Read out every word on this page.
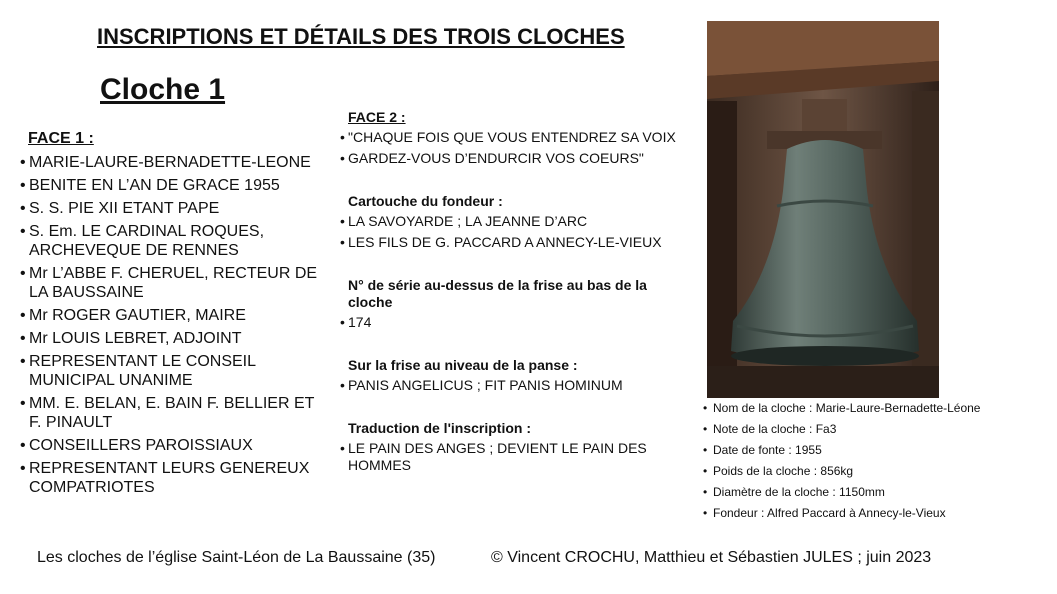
INSCRIPTIONS ET DÉTAILS DES TROIS CLOCHES
Cloche 1
FACE 1 :
• MARIE-LAURE-BERNADETTE-LEONE
• BENITE EN L’AN DE GRACE 1955
• S. S. PIE XII ETANT PAPE
• S. Em. LE CARDINAL ROQUES, ARCHEVEQUE DE RENNES
• Mr L’ABBE F. CHERUEL, RECTEUR DE LA BAUSSAINE
• Mr ROGER GAUTIER, MAIRE
• Mr LOUIS LEBRET, ADJOINT
• REPRESENTANT LE CONSEIL MUNICIPAL UNANIME
• MM. E. BELAN, E. BAIN F. BELLIER ET F. PINAULT
• CONSEILLERS PAROISSIAUX
• REPRESENTANT LEURS GENEREUX COMPATRIOTES
FACE 2 :
• "CHAQUE FOIS QUE VOUS ENTENDREZ SA VOIX
• GARDEZ-VOUS D’ENDURCIR VOS COEURS"
Cartouche du fondeur :
• LA SAVOYARDE ; LA JEANNE D’ARC
• LES FILS DE G. PACCARD A ANNECY-LE-VIEUX
N° de série au-dessus de la frise au bas de la cloche
• 174
Sur la frise au niveau de la panse :
• PANIS ANGELICUS ; FIT PANIS HOMINUM
Traduction de l'inscription :
• LE PAIN DES ANGES ; DEVIENT LE PAIN DES HOMMES
• Nom de la cloche : Marie-Laure-Bernadette-Léone
• Note de la cloche : Fa3
• Date de fonte : 1955
• Poids de la cloche : 856kg
• Diamètre de la cloche : 1150mm
• Fondeur : Alfred Paccard à Annecy-le-Vieux
Les cloches de l’église Saint-Léon de La Baussaine (35)	© Vincent CROCHU, Matthieu et Sébastien JULES ; juin 2023
